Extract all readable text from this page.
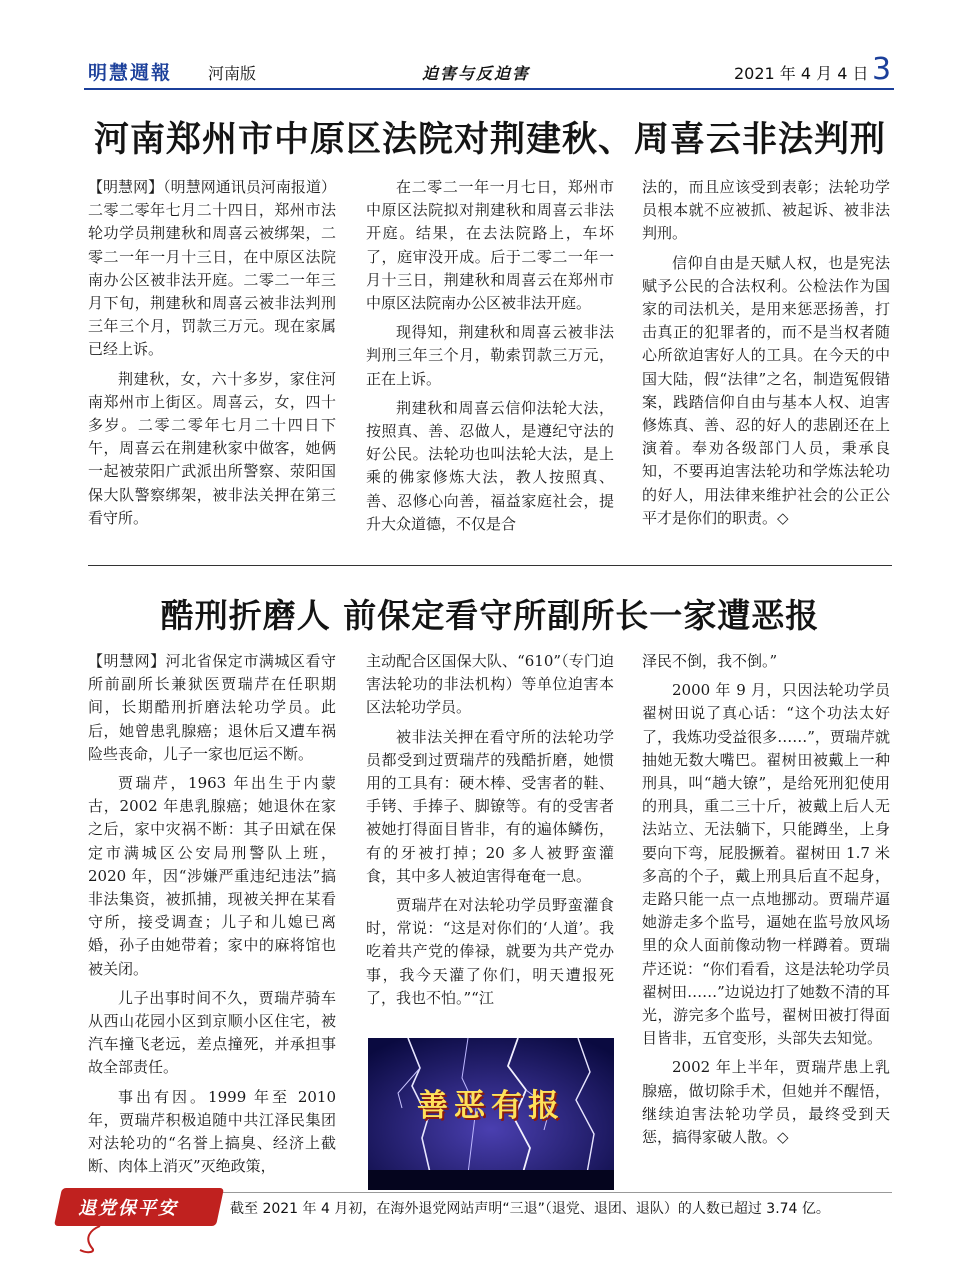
明慧週報 河南版	迫害与反迫害	2021 年 4 月 4 日 3
河南郑州市中原区法院对荆建秋、周喜云非法判刑

【明慧网】（明慧网通讯员河南报道）二零二零年七月二十四日，郑州市法轮功学员荆建秋和周喜云被绑架，二零二一年一月十三日，在中原区法院南办公区被非法开庭。二零二一年三月下旬，荆建秋和周喜云被非法判刑三年三个月，罚款三万元。现在家属已经上诉。

荆建秋，女，六十多岁，家住河南郑州市上街区。周喜云，女，四十多岁。二零二零年七月二十四日下午，周喜云在荆建秋家中做客，她俩一起被荥阳广武派出所警察、荥阳国保大队警察绑架，被非法关押在第三看守所。

在二零二一年一月七日，郑州市中原区法院拟对荆建秋和周喜云非法开庭。结果，在去法院路上，车坏了，庭审没开成。后于二零二一年一月十三日，荆建秋和周喜云在郑州市中原区法院南办公区被非法开庭。

现得知，荆建秋和周喜云被非法判刑三年三个月，勒索罚款三万元，正在上诉。

荆建秋和周喜云信仰法轮大法，按照真、善、忍做人，是遵纪守法的好公民。法轮功也叫法轮大法，是上乘的佛家修炼大法，教人按照真、善、忍修心向善，福益家庭社会，提升大众道德，不仅是合

法的，而且应该受到表彰；法轮功学员根本就不应被抓、被起诉、被非法判刑。

信仰自由是天赋人权，也是宪法赋予公民的合法权利。公检法作为国家的司法机关，是用来惩恶扬善，打击真正的犯罪者的，而不是当权者随心所欲迫害好人的工具。在今天的中国大陆，假“法律”之名，制造冤假错案，践踏信仰自由与基本人权、迫害修炼真、善、忍的好人的悲剧还在上演着。奉劝各级部门人员，秉承良知，不要再迫害法轮功和学炼法轮功的好人，用法律来维护社会的公正公平才是你们的职责。◇

酷刑折磨人 前保定看守所副所长一家遭恶报

【明慧网】河北省保定市满城区看守所前副所长兼狱医贾瑞芹在任职期间，长期酷刑折磨法轮功学员。此后，她曾患乳腺癌；退休后又遭车祸险些丧命，儿子一家也厄运不断。

贾瑞芹，1963 年出生于内蒙古，2002 年患乳腺癌；她退休在家之后，家中灾祸不断：其子田斌在保定市满城区公安局刑警队上班，2020 年，因“涉嫌严重违纪违法”搞非法集资，被抓捕，现被关押在某看守所，接受调查；儿子和儿媳已离婚，孙子由她带着；家中的麻将馆也被关闭。

儿子出事时间不久，贾瑞芹骑车从西山花园小区到京顺小区住宅，被汽车撞飞老远，差点撞死，并承担事故全部责任。

事出有因。1999 年至 2010 年，贾瑞芹积极追随中共江泽民集团对法轮功的“名誉上搞臭、经济上截断、肉体上消灭”灭绝政策，

主动配合区国保大队、“610”（专门迫害法轮功的非法机构）等单位迫害本区法轮功学员。

被非法关押在看守所的法轮功学员都受到过贾瑞芹的残酷折磨，她惯用的工具有：硬木棒、受害者的鞋、手铐、手捧子、脚镣等。有的受害者被她打得面目皆非，有的遍体鳞伤，有的牙被打掉；20 多人被野蛮灌食，其中多人被迫害得奄奄一息。

贾瑞芹在对法轮功学员野蛮灌食时，常说：“这是对你们的‘人道’。我吃着共产党的俸禄，就要为共产党办事，我今天灌了你们，明天遭报死了，我也不怕。”“江

泽民不倒，我不倒。”

2000 年 9 月，只因法轮功学员翟树田说了真心话：“这个功法太好了，我炼功受益很多……”，贾瑞芹就抽她无数大嘴巴。翟树田被戴上一种刑具，叫“趟大镣”，是给死刑犯使用的刑具，重二三十斤，被戴上后人无法站立、无法躺下，只能蹲坐，上身要向下弯，屁股撅着。翟树田 1.7 米多高的个子，戴上刑具后直不起身，走路只能一点一点地挪动。贾瑞芹逼她游走多个监号，逼她在监号放风场里的众人面前像动物一样蹲着。贾瑞芹还说：“你们看看，这是法轮功学员翟树田……”边说边打了她数不清的耳光，游完多个监号，翟树田被打得面目皆非，五官变形，头部失去知觉。

2002 年上半年，贾瑞芹患上乳腺癌，做切除手术，但她并不醒悟，继续迫害法轮功学员，最终受到天惩，搞得家破人散。◇

善恶有报
退党保平安	截至 2021 年 4 月初，在海外退党网站声明“三退”（退党、退团、退队）的人数已超过 3.74 亿。
